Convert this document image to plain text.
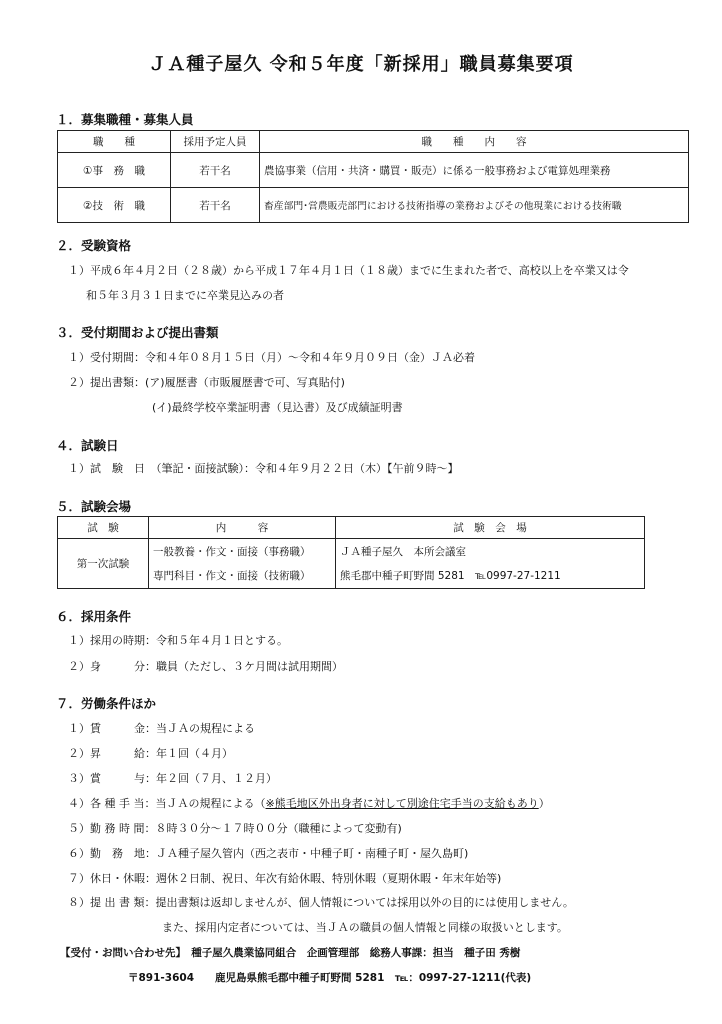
ＪＡ種子屋久 令和５年度「新採用」職員募集要項
１．募集職種・募集人員
職　　種	採用予定人員	職　　種　　内　　容
①事　務　職	若干名	農協事業（信用・共済・購買・販売）に係る一般事務および電算処理業務
②技　術　職	若干名	畜産部門･営農販売部門における技術指導の業務およびその他現業における技術職
２．受験資格
１）平成６年４月２日（２８歳）から平成１７年４月１日（１８歳）までに生まれた者で、高校以上を卒業又は令
和５年３月３１日までに卒業見込みの者
３．受付期間および提出書類
１）受付期間：令和４年０８月１５日（月）～令和４年９月０９日（金）ＪＡ必着
２）提出書類：(ア)履歴書（市販履歴書で可、写真貼付)
(イ)最終学校卒業証明書（見込書）及び成績証明書
４．試験日
１）試　験　日　（筆記・面接試験）：令和４年９月２２日（木）【午前９時～】
５．試験会場
試　験	内　　　容	試　験　会　場
第一次試験	一般教養・作文・面接（事務職）	ＪＡ種子屋久　本所会議室
	専門科目・作文・面接（技術職）	熊毛郡中種子町野間 5281　℡0997-27-1211
６．採用条件
１）採用の時期：令和５年４月１日とする。
２）身　　　分：職員（ただし、３ケ月間は試用期間）
７．労働条件ほか
１）賃　　　金：当ＪＡの規程による
２）昇　　　給：年１回（４月）
３）賞　　　与：年２回（７月、１２月）
４）各 種 手 当：当ＪＡの規程による（※熊毛地区外出身者に対して別途住宅手当の支給もあり）
５）勤 務 時 間：８時３０分～１７時００分（職種によって変動有)
６）勤　務　地：ＪＡ種子屋久管内（西之表市・中種子町・南種子町・屋久島町)
７）休日・休暇：週休２日制、祝日、年次有給休暇、特別休暇（夏期休暇・年末年始等)
８）提 出 書 類：提出書類は返却しませんが、個人情報については採用以外の目的には使用しません。
また、採用内定者については、当ＪＡの職員の個人情報と同様の取扱いとします。
【受付・お問い合わせ先】　種子屋久農業協同組合　企画管理部　総務人事課：担当　種子田 秀樹
〒891-3604　　鹿児島県熊毛郡中種子町野間 5281　℡：0997-27-1211(代表)
